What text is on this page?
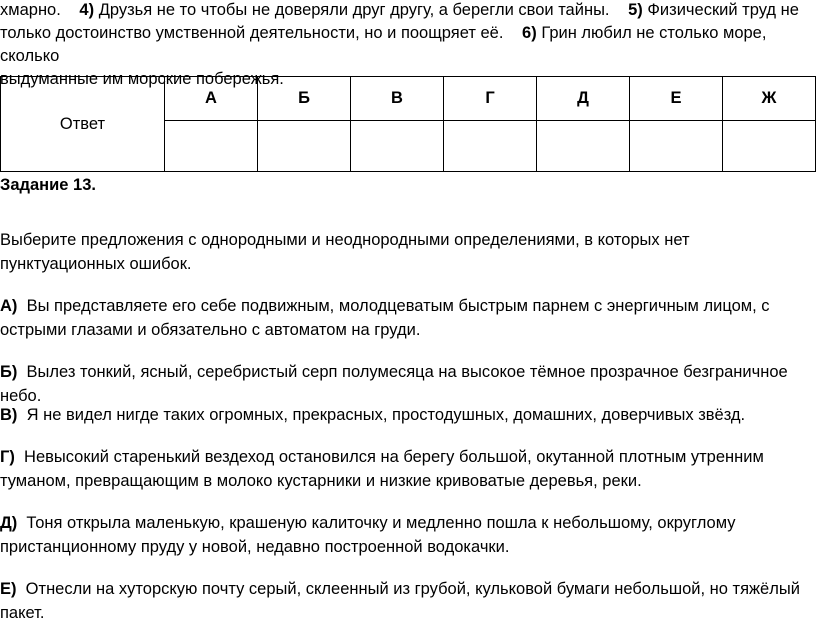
хмарно. 4) Друзья не то чтобы не доверяли друг другу, а берегли свои тайны. 5) Физический труд не
только достоинство умственной деятельности, но и поощряет её. 6) Грин любил не столько море, сколько
выдуманные им морские побережья.
Ответ	А	Б	В	Г	Д	Е	Ж

Задание 13.
Выберите предложения с однородными и неоднородными определениями, в которых нет пунктуационных ошибок.
А) Вы представляете его себе подвижным, молодцеватым быстрым парнем с энергичным лицом, с острыми глазами и обязательно с автоматом на груди.
Б) Вылез тонкий, ясный, серебристый серп полумесяца на высокое тёмное прозрачное безграничное небо.
В) Я не видел нигде таких огромных, прекрасных, простодушных, домашних, доверчивых звёзд.
Г) Невысокий старенький вездеход остановился на берегу большой, окутанной плотным утренним туманом, превращающим в молоко кустарники и низкие кривоватые деревья, реки.
Д) Тоня открыла маленькую, крашеную калиточку и медленно пошла к небольшому, округлому пристанционному пруду у новой, недавно построенной водокачки.
Е) Отнесли на хуторскую почту серый, склеенный из грубой, кульковой бумаги небольшой, но тяжёлый пакет.
